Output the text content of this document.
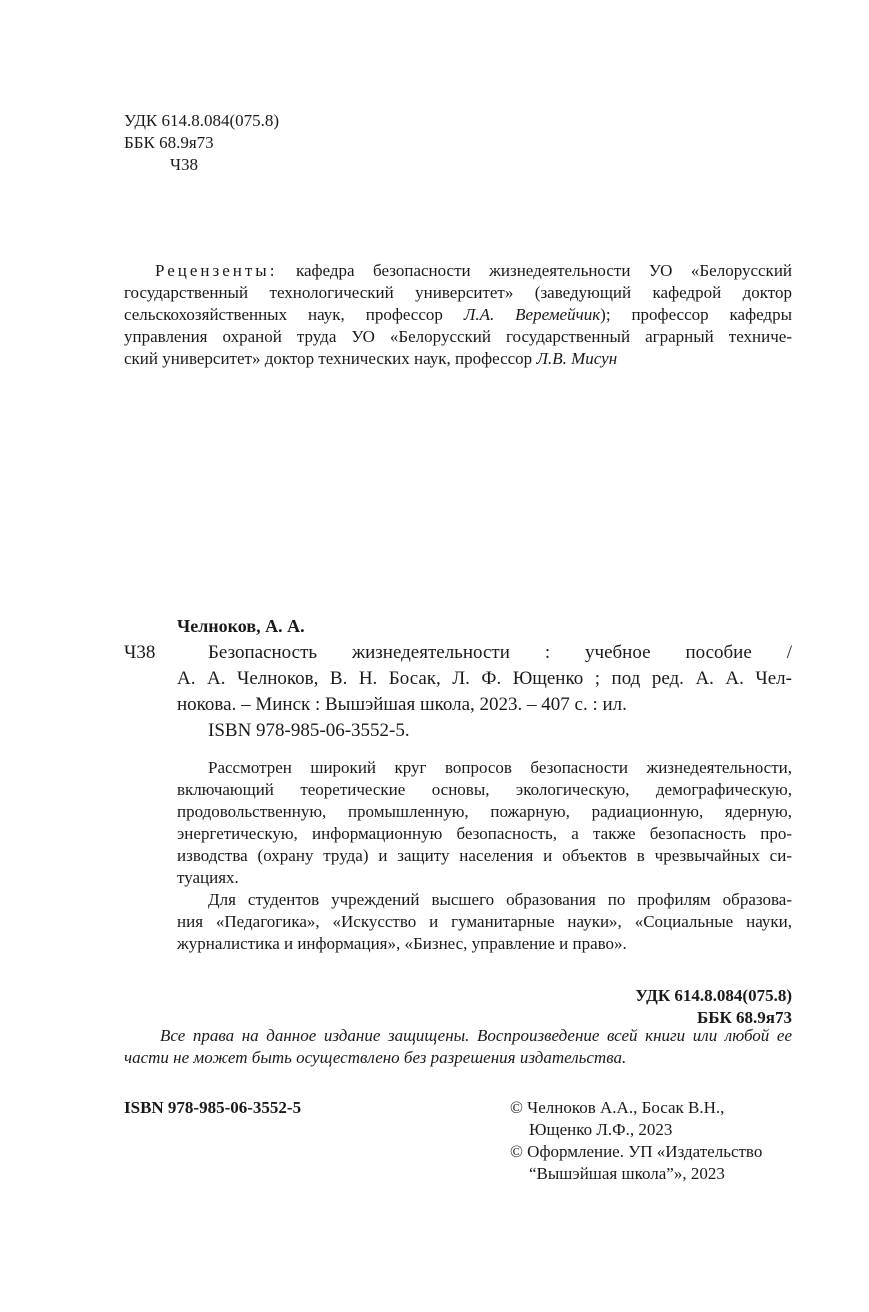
УДК 614.8.084(075.8)
ББК 68.9я73
Ч38

Рецензенты: кафедра безопасности жизнедеятельности УО «Белорусский

государственный технологический университет» (заведующий кафедрой доктор

сельскохозяйственных наук, профессор Л.А. Веремейчик); профессор кафедры

управления охраной труда УО «Белорусский государственный аграрный техниче-

ский университет» доктор технических наук, профессор Л.В. Мисун

Челноков, А. А.
Ч38	Безопасность жизнедеятельности : учебное пособие /

А. А. Челноков, В. Н. Босак, Л. Ф. Ющенко ; под ред. А. А. Чел-

нокова. – Минск : Вышэйшая школа, 2023. – 407 с. : ил.

ISBN 978-985-06-3552-5.

Рассмотрен широкий круг вопросов безопасности жизнедеятельности,

включающий теоретические основы, экологическую, демографическую,

продовольственную, промышленную, пожарную, радиационную, ядерную,

энергетическую, информационную безопасность, а также безопасность про-

изводства (охрану труда) и защиту населения и объектов в чрезвычайных си-

туациях.

Для студентов учреждений высшего образования по профилям образова-

ния «Педагогика», «Искусство и гуманитарные науки», «Социальные науки,

журналистика и информация», «Бизнес, управление и право».

УДК 614.8.084(075.8)
ББК 68.9я73

Все права на данное издание защищены. Воспроизведение всей книги или любой ее

части не может быть осуществлено без разрешения издательства.

ISBN 978-985-06-3552-5	© Челноков А.А., Босак В.Н.,
Ющенко Л.Ф., 2023
© Оформление. УП «Издательство
“Вышэйшая школа”», 2023
